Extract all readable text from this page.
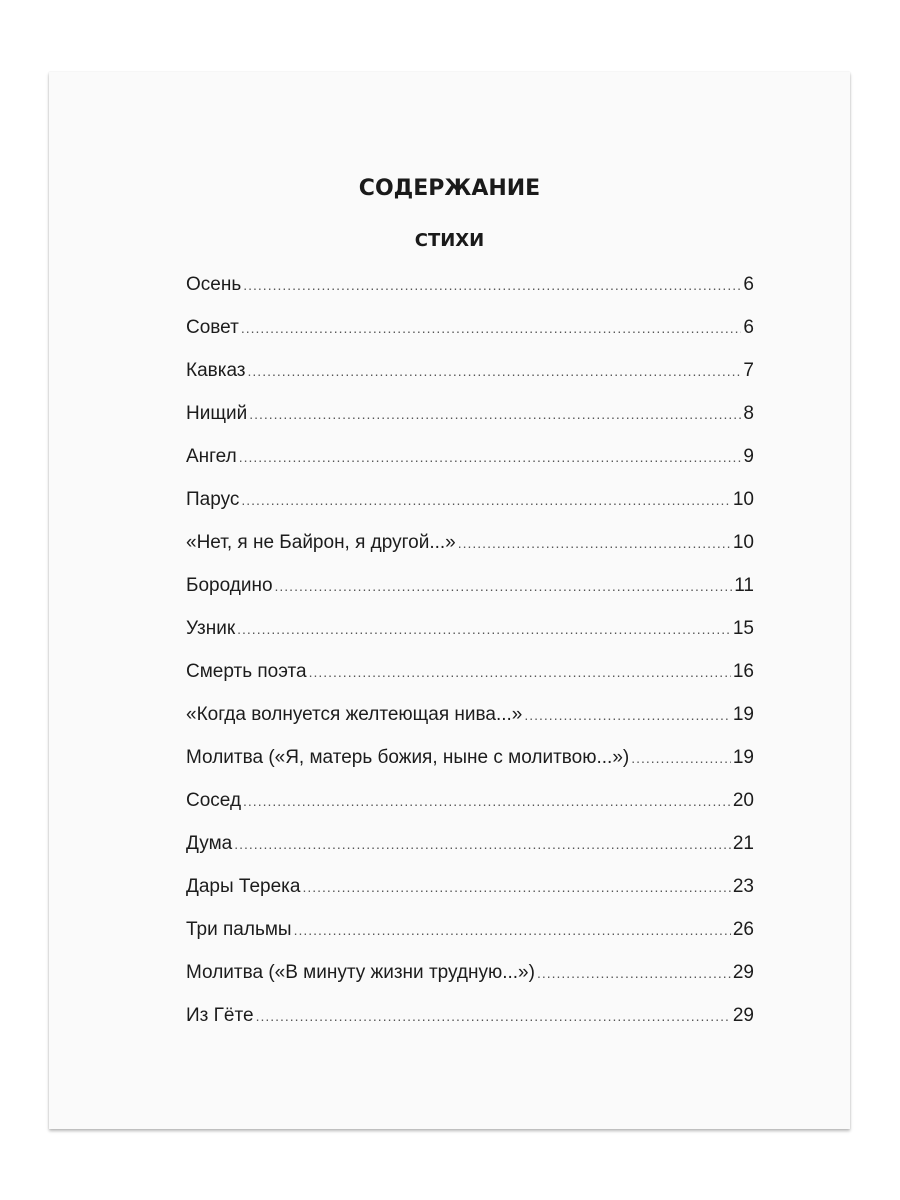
СОДЕРЖАНИЕ
СТИХИ
Осень .....	6
Совет .....	6
Кавказ .....	7
Нищий .....	8
Ангел .....	9
Парус .....	10
«Нет, я не Байрон, я другой...» .....	10
Бородино .....	11
Узник .....	15
Смерть поэта .....	16
«Когда волнуется желтеющая нива...» .....	19
Молитва («Я, матерь божия, ныне с молитвою...») .....	19
Сосед .....	20
Дума .....	21
Дары Терека .....	23
Три пальмы .....	26
Молитва («В минуту жизни трудную...») .....	29
Из Гёте .....	29
